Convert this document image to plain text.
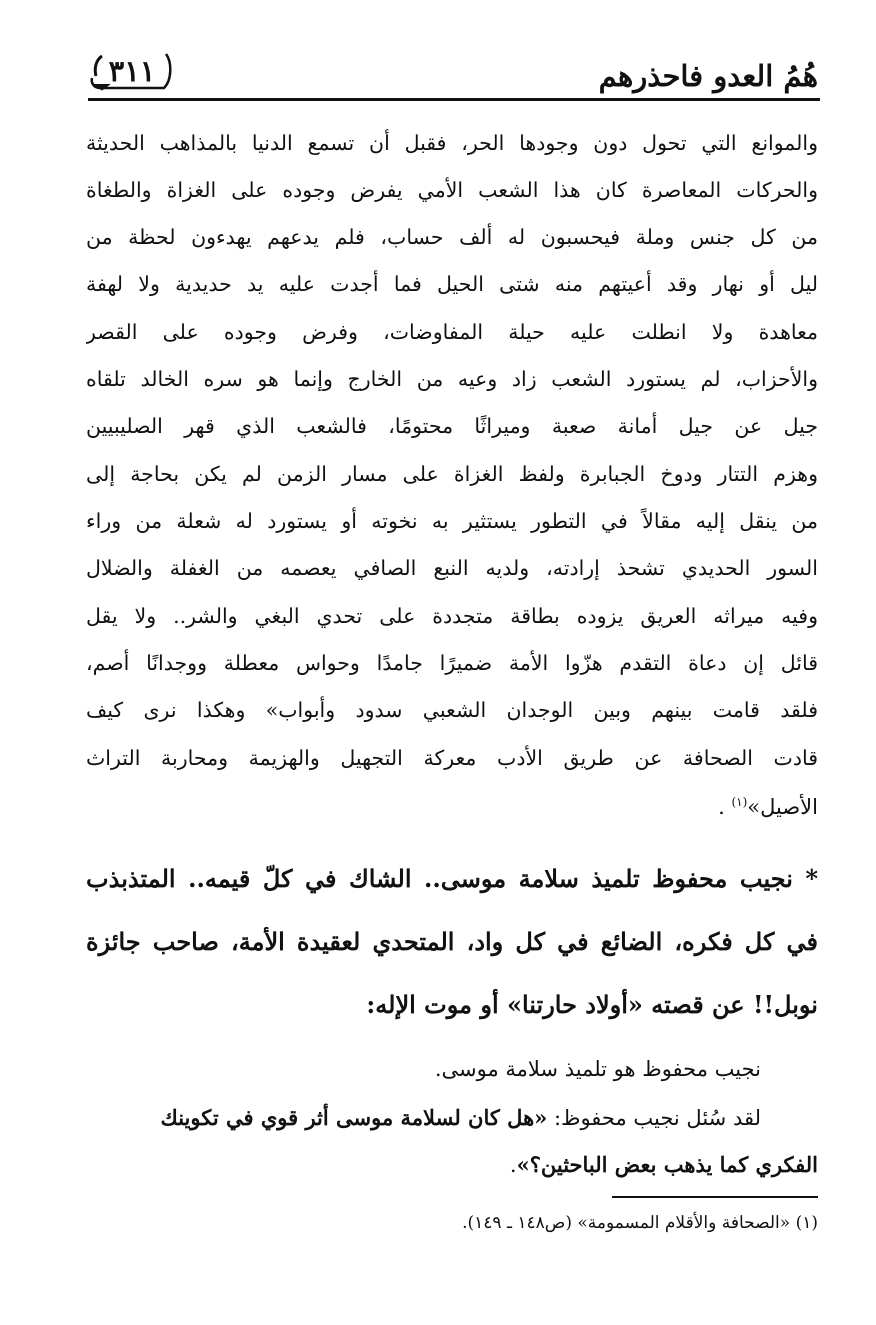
هُمُ العدو فاحذرهم
٣١١
والموانع التي تحول دون وجودها الحر، فقبل أن تسمع الدنيا بالمذاهب الحديثة
والحركات المعاصرة كان هذا الشعب الأمي يفرض وجوده على الغزاة والطغاة
من كل جنس وملة فيحسبون له ألف حساب، فلم يدعهم يهدءون لحظة من
ليل أو نهار وقد أعيتهم منه شتى الحيل فما أجدت عليه يد حديدية ولا لهفة
معاهدة ولا انطلت عليه حيلة المفاوضات، وفرض وجوده على القصر
والأحزاب، لم يستورد الشعب زاد وعيه من الخارج وإنما هو سره الخالد تلقاه
جيل عن جيل أمانة صعبة وميراثًا محتومًا، فالشعب الذي قهر الصليبيين
وهزم التتار ودوخ الجبابرة ولفظ الغزاة على مسار الزمن لم يكن بحاجة إلى
من ينقل إليه مقالاً في التطور يستثير به نخوته أو يستورد له شعلة من وراء
السور الحديدي تشحذ إرادته، ولديه النبع الصافي يعصمه من الغفلة والضلال
وفيه ميراثه العريق يزوده بطاقة متجددة على تحدي البغي والشر.. ولا يقل
قائل إن دعاة التقدم هزّوا الأمة ضميرًا جامدًا وحواس معطلة ووجدانًا أصم،
فلقد قامت بينهم وبين الوجدان الشعبي سدود وأبواب» وهكذا نرى كيف
قادت الصحافة عن طريق الأدب معركة التجهيل والهزيمة ومحاربة التراث
الأصيل»$^{(١)}$ .
* نجيب محفوظ تلميذ سلامة موسى.. الشاك في كلّ قيمه.. المتذبذب
في كل فكره، الضائع في كل واد، المتحدي لعقيدة الأمة، صاحب جائزة
نوبل!! عن قصته «أولاد حارتنا» أو موت الإله:
نجيب محفوظ هو تلميذ سلامة موسى.
لقد سُئل نجيب محفوظ: «هل كان لسلامة موسى أثر قوي في تكوينك
الفكري كما يذهب بعض الباحثين؟».
(١) «الصحافة والأقلام المسمومة» (ص١٤٨ ـ ١٤٩).
